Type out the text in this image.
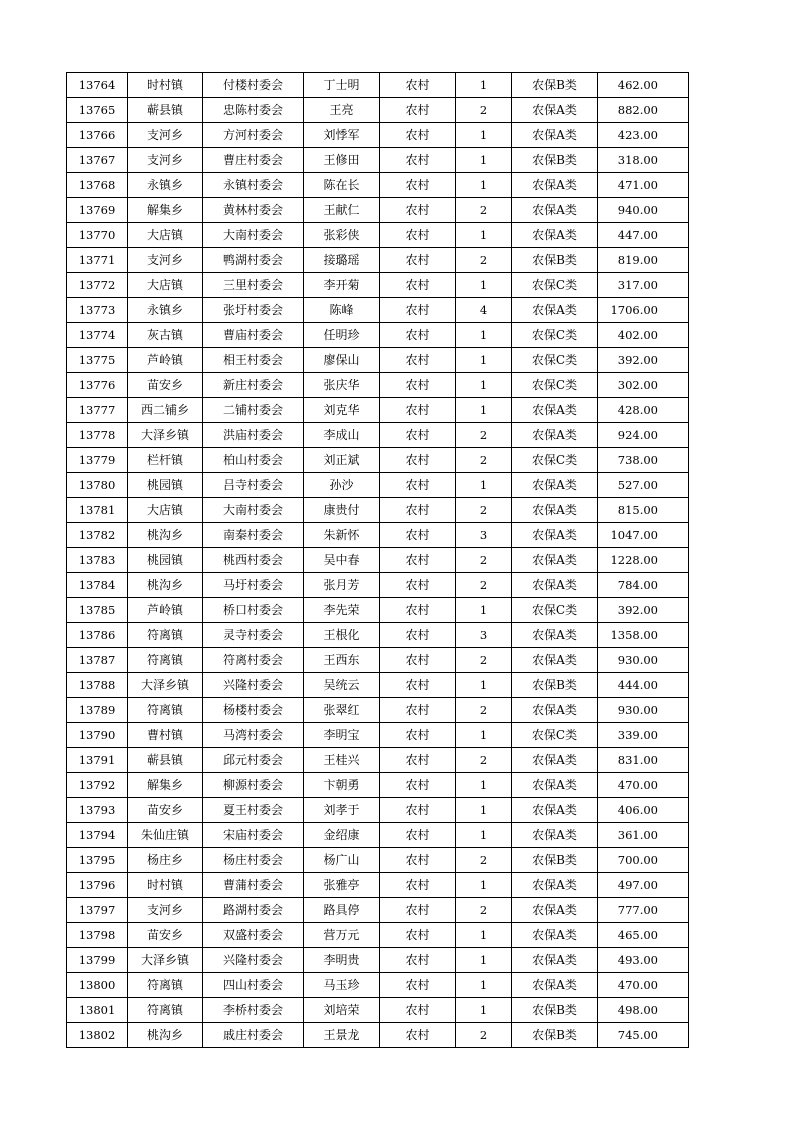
13764	时村镇	付楼村委会	丁士明	农村	1	农保B类	462.00
13765	蕲县镇	忠陈村委会	王亮	农村	2	农保A类	882.00
13766	支河乡	方河村委会	刘悸军	农村	1	农保A类	423.00
13767	支河乡	曹庄村委会	王修田	农村	1	农保B类	318.00
13768	永镇乡	永镇村委会	陈在长	农村	1	农保A类	471.00
13769	解集乡	黄林村委会	王献仁	农村	2	农保A类	940.00
13770	大店镇	大南村委会	张彩侠	农村	1	农保A类	447.00
13771	支河乡	鸭湖村委会	接璐瑶	农村	2	农保B类	819.00
13772	大店镇	三里村委会	李开菊	农村	1	农保C类	317.00
13773	永镇乡	张圩村委会	陈峰	农村	4	农保A类	1706.00
13774	灰古镇	曹庙村委会	任明珍	农村	1	农保C类	402.00
13775	芦岭镇	相王村委会	廖保山	农村	1	农保C类	392.00
13776	苗安乡	新庄村委会	张庆华	农村	1	农保C类	302.00
13777	西二铺乡	二铺村委会	刘克华	农村	1	农保A类	428.00
13778	大泽乡镇	洪庙村委会	李成山	农村	2	农保A类	924.00
13779	栏杆镇	柏山村委会	刘正斌	农村	2	农保C类	738.00
13780	桃园镇	吕寺村委会	孙沙	农村	1	农保A类	527.00
13781	大店镇	大南村委会	康贵付	农村	2	农保A类	815.00
13782	桃沟乡	南秦村委会	朱新怀	农村	3	农保A类	1047.00
13783	桃园镇	桃西村委会	吴中春	农村	2	农保A类	1228.00
13784	桃沟乡	马圩村委会	张月芳	农村	2	农保A类	784.00
13785	芦岭镇	桥口村委会	李先荣	农村	1	农保C类	392.00
13786	符离镇	灵寺村委会	王根化	农村	3	农保A类	1358.00
13787	符离镇	符离村委会	王西东	农村	2	农保A类	930.00
13788	大泽乡镇	兴隆村委会	吴统云	农村	1	农保B类	444.00
13789	符离镇	杨楼村委会	张翠红	农村	2	农保A类	930.00
13790	曹村镇	马湾村委会	李明宝	农村	1	农保C类	339.00
13791	蕲县镇	邱元村委会	王桂兴	农村	2	农保A类	831.00
13792	解集乡	柳源村委会	卞朝勇	农村	1	农保A类	470.00
13793	苗安乡	夏王村委会	刘孝于	农村	1	农保A类	406.00
13794	朱仙庄镇	宋庙村委会	金绍康	农村	1	农保A类	361.00
13795	杨庄乡	杨庄村委会	杨广山	农村	2	农保B类	700.00
13796	时村镇	曹蒲村委会	张雅亭	农村	1	农保A类	497.00
13797	支河乡	路湖村委会	路具停	农村	2	农保A类	777.00
13798	苗安乡	双盛村委会	营万元	农村	1	农保A类	465.00
13799	大泽乡镇	兴隆村委会	李明贵	农村	1	农保A类	493.00
13800	符离镇	四山村委会	马玉珍	农村	1	农保A类	470.00
13801	符离镇	李桥村委会	刘培荣	农村	1	农保B类	498.00
13802	桃沟乡	戚庄村委会	王景龙	农村	2	农保B类	745.00
